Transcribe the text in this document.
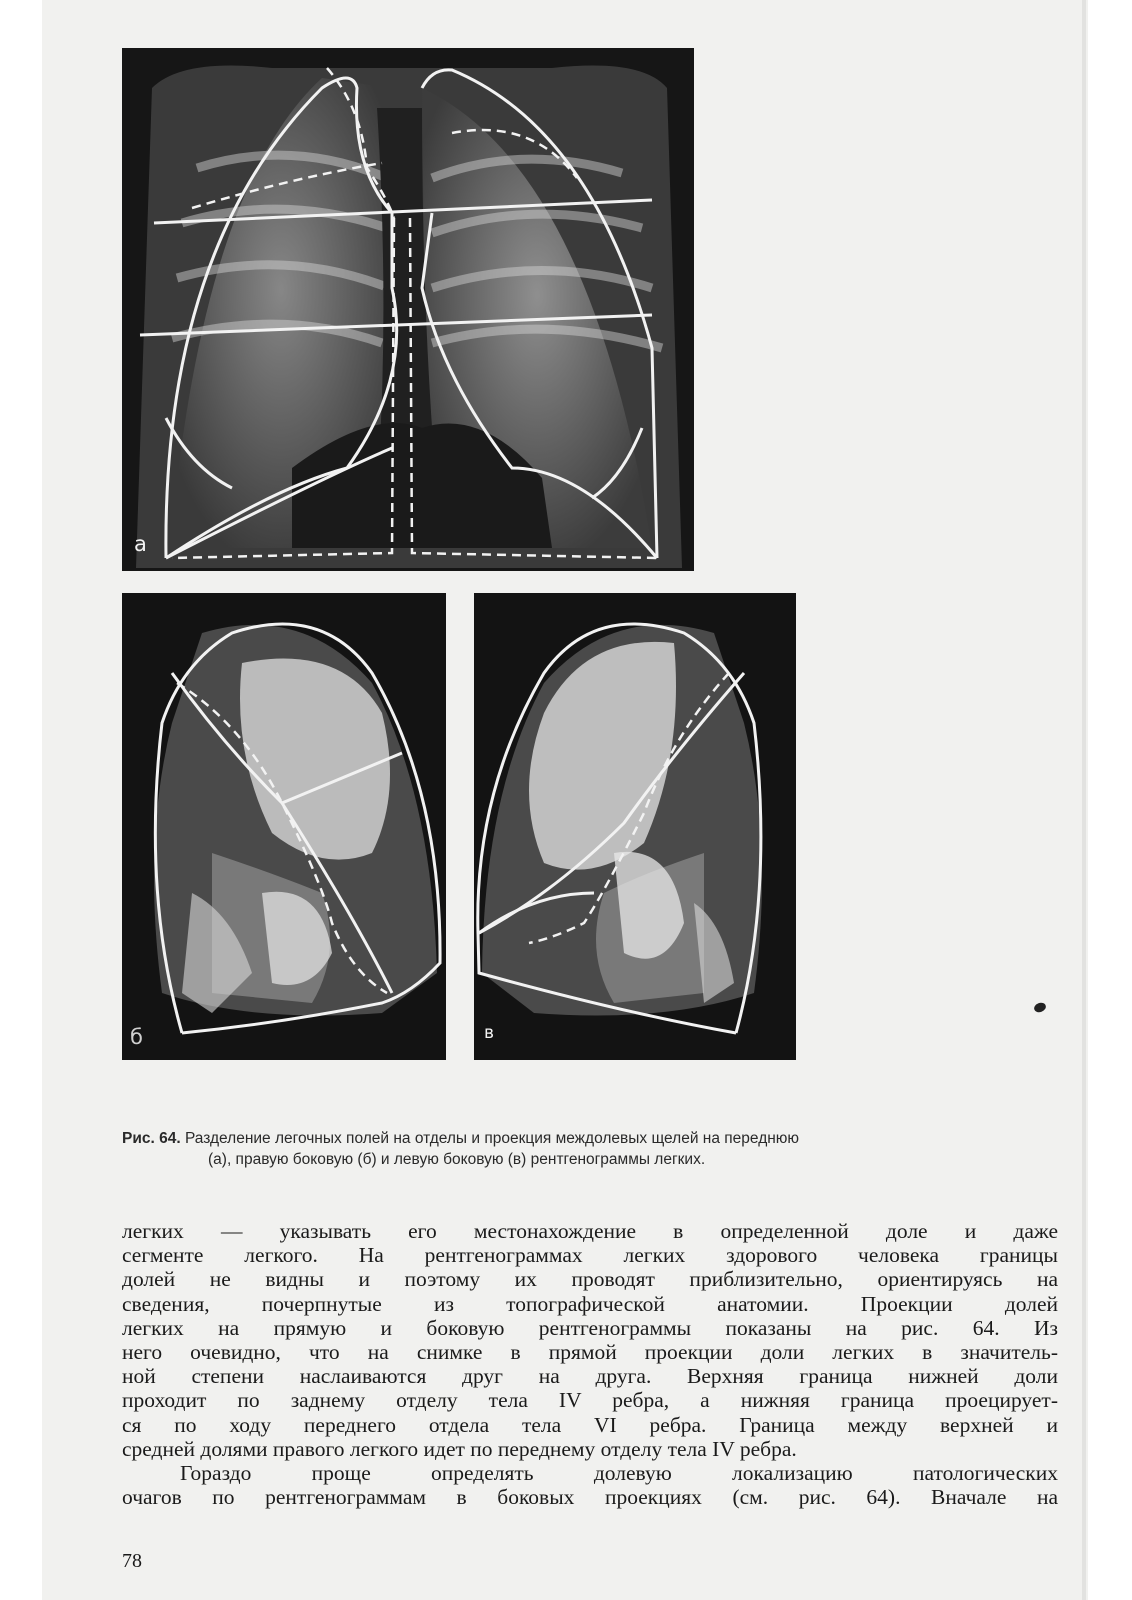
а
б	в
Рис. 64. Разделение легочных полей на отделы и проекция междолевых щелей на переднюю
(а), правую боковую (б) и левую боковую (в) рентгенограммы легких.
легких — указывать его местонахождение в определенной доле и даже
сегменте легкого. На рентгенограммах легких здорового человека границы
долей не видны и поэтому их проводят приблизительно, ориентируясь на
сведения, почерпнутые из топографической анатомии. Проекции долей
легких на прямую и боковую рентгенограммы показаны на рис. 64. Из
него очевидно, что на снимке в прямой проекции доли легких в значитель-
ной степени наслаиваются друг на друга. Верхняя граница нижней доли
проходит по заднему отделу тела IV ребра, а нижняя граница проецирует-
ся по ходу переднего отдела тела VI ребра. Граница между верхней и
средней долями правого легкого идет по переднему отделу тела IV ребра.
Гораздо проще определять долевую локализацию патологических
очагов по рентгенограммам в боковых проекциях (см. рис. 64). Вначале на
78
